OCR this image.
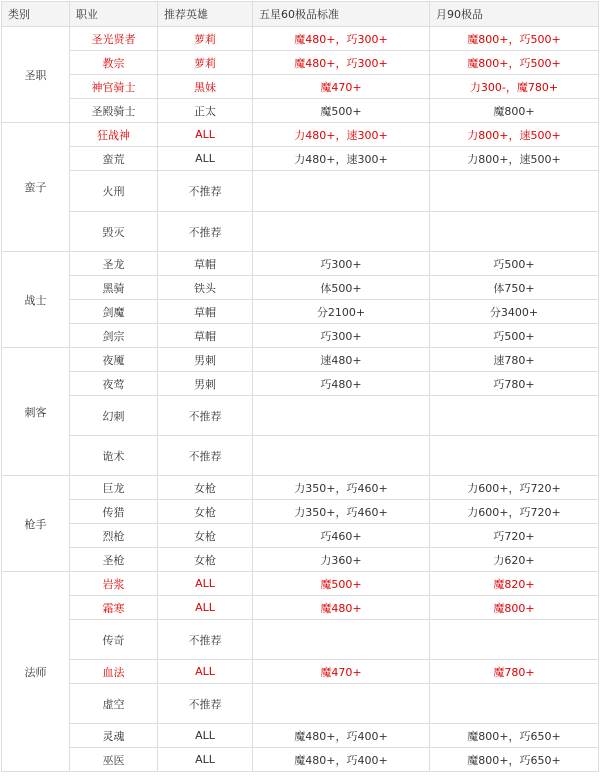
类别	职业	推荐英雄	五星60极品标准	月90极品
圣职	圣光贤者	萝莉	魔480+，巧300+	魔800+，巧500+
	教宗	萝莉	魔480+，巧300+	魔800+，巧500+
	神官骑士	黑妹	魔470+	力300-，魔780+
	圣殿骑士	正太	魔500+	魔800+
蛮子	狂战神	ALL	力480+，速300+	力800+，速500+
	蛮荒	ALL	力480+，速300+	力800+，速500+
	火刑	不推荐		
	毁灭	不推荐		
战士	圣龙	草帽	巧300+	巧500+
	黑骑	铁头	体500+	体750+
	剑魔	草帽	分2100+	分3400+
	剑宗	草帽	巧300+	巧500+
刺客	夜魇	男刺	速480+	速780+
	夜莺	男刺	巧480+	巧780+
	幻刺	不推荐		
	诡术	不推荐		
枪手	巨龙	女枪	力350+，巧460+	力600+，巧720+
	传猎	女枪	力350+，巧460+	力600+，巧720+
	烈枪	女枪	巧460+	巧720+
	圣枪	女枪	力360+	力620+
法师	岩浆	ALL	魔500+	魔820+
	霜寒	ALL	魔480+	魔800+
	传奇	不推荐		
	血法	ALL	魔470+	魔780+
	虚空	不推荐		
	灵魂	ALL	魔480+，巧400+	魔800+，巧650+
	巫医	ALL	魔480+，巧400+	魔800+，巧650+
